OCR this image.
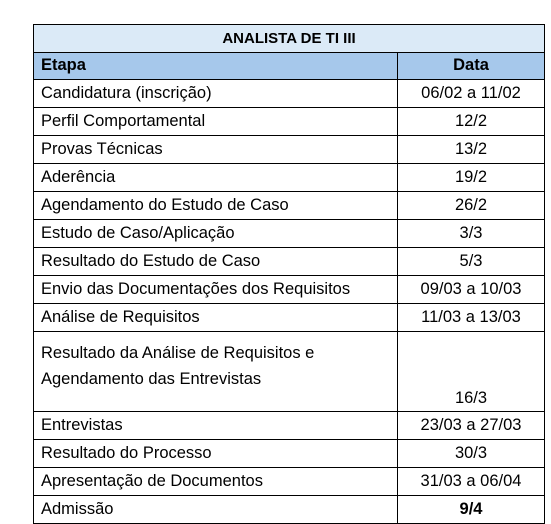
ANALISTA DE TI III	
Etapa	Data
Candidatura (inscrição)	06/02 a 11/02
Perfil Comportamental	12/2
Provas Técnicas	13/2
Aderência	19/2
Agendamento do Estudo de Caso	26/2
Estudo de Caso/Aplicação	3/3
Resultado do Estudo de Caso	5/3
Envio das Documentações dos Requisitos	09/03 a 10/03
Análise de Requisitos	11/03 a 13/03
Resultado da Análise de Requisitos e
Agendamento das Entrevistas	16/3
Entrevistas	23/03 a 27/03
Resultado do Processo	30/3
Apresentação de Documentos	31/03 a 06/04
Admissão	9/4
